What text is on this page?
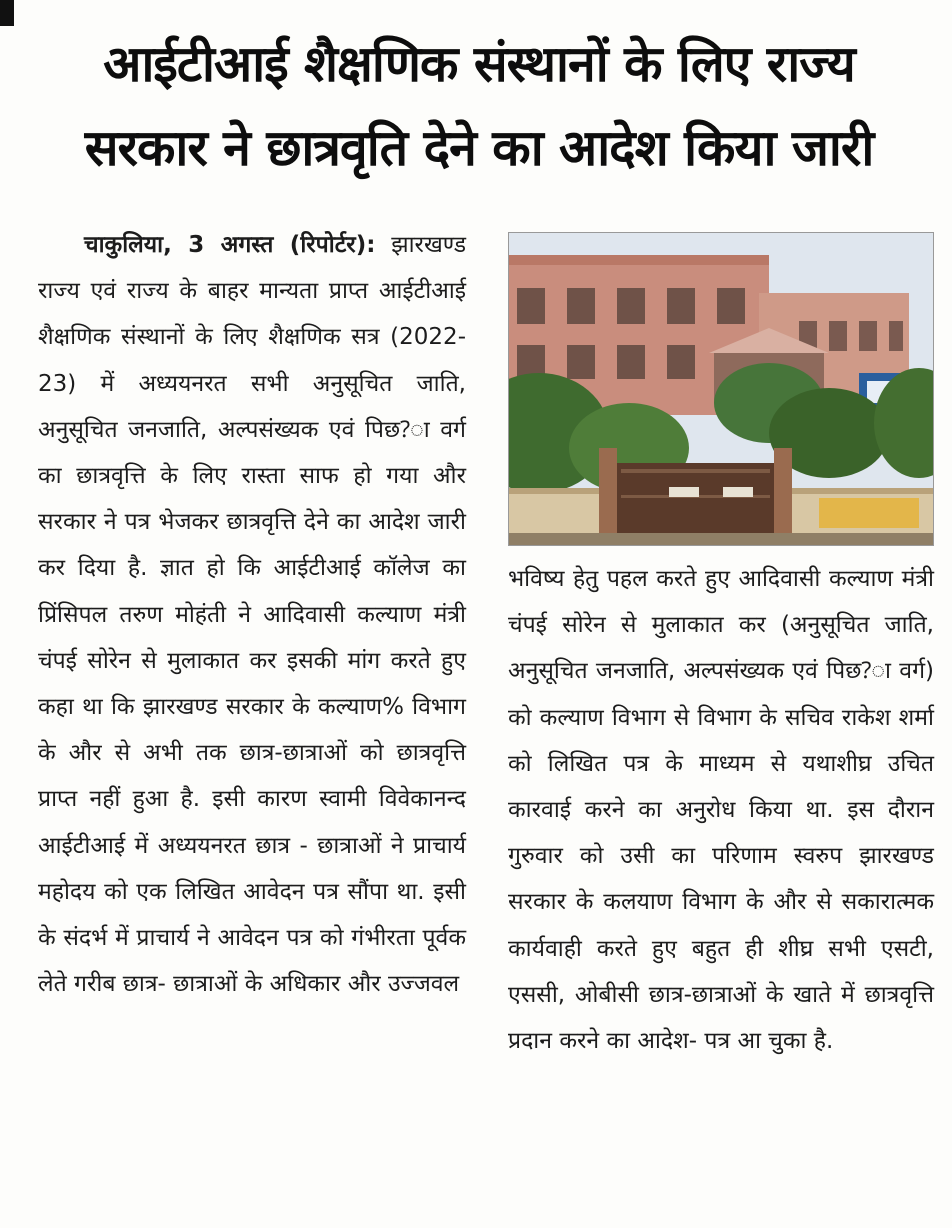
आईटीआई शैक्षणिक संस्थानों के लिए राज्य
सरकार ने छात्रवृति देने का आदेश किया जारी

चाकुलिया, 3 अगस्त (रिपोर्टर): झारखण्ड राज्य एवं राज्य के बाहर मान्यता प्राप्त आईटीआई शैक्षणिक संस्थानों के लिए शैक्षणिक सत्र (2022-23) में अध्ययनरत सभी अनुसूचित जाति, अनुसूचित जनजाति, अल्पसंख्यक एवं पिछ?ा वर्ग का छात्रवृत्ति के लिए रास्ता साफ हो गया और सरकार ने पत्र भेजकर छात्रवृत्ति देने का आदेश जारी कर दिया है. ज्ञात हो कि आईटीआई कॉलेज का प्रिंसिपल तरुण मोहंती ने आदिवासी कल्याण मंत्री चंपई सोरेन से मुलाकात कर इसकी मांग करते हुए कहा था कि झारखण्ड सरकार के कल्याण% विभाग के और से अभी तक छात्र-छात्राओं को छात्रवृत्ति प्राप्त नहीं हुआ है. इसी कारण स्वामी विवेकानन्द आईटीआई में अध्ययनरत छात्र - छात्राओं ने प्राचार्य महोदय को एक लिखित आवेदन पत्र सौंपा था. इसी के संदर्भ में प्राचार्य ने आवेदन पत्र को गंभीरता पूर्वक लेते गरीब छात्र- छात्राओं के अधिकार और उज्जवल

भविष्य हेतु पहल करते हुए आदिवासी कल्याण मंत्री चंपई सोरेन से मुलाकात कर (अनुसूचित जाति, अनुसूचित जनजाति, अल्पसंख्यक एवं पिछ?ा वर्ग) को कल्याण विभाग से विभाग के सचिव राकेश शर्मा को लिखित पत्र के माध्यम से यथाशीघ्र उचित कारवाई करने का अनुरोध किया था. इस दौरान गुरुवार को उसी का परिणाम स्वरुप झारखण्ड सरकार के कलयाण विभाग के और से सकारात्मक कार्यवाही करते हुए बहुत ही शीघ्र सभी एसटी, एससी, ओबीसी छात्र-छात्राओं के खाते में छात्रवृत्ति प्रदान करने का आदेश- पत्र आ चुका है.
